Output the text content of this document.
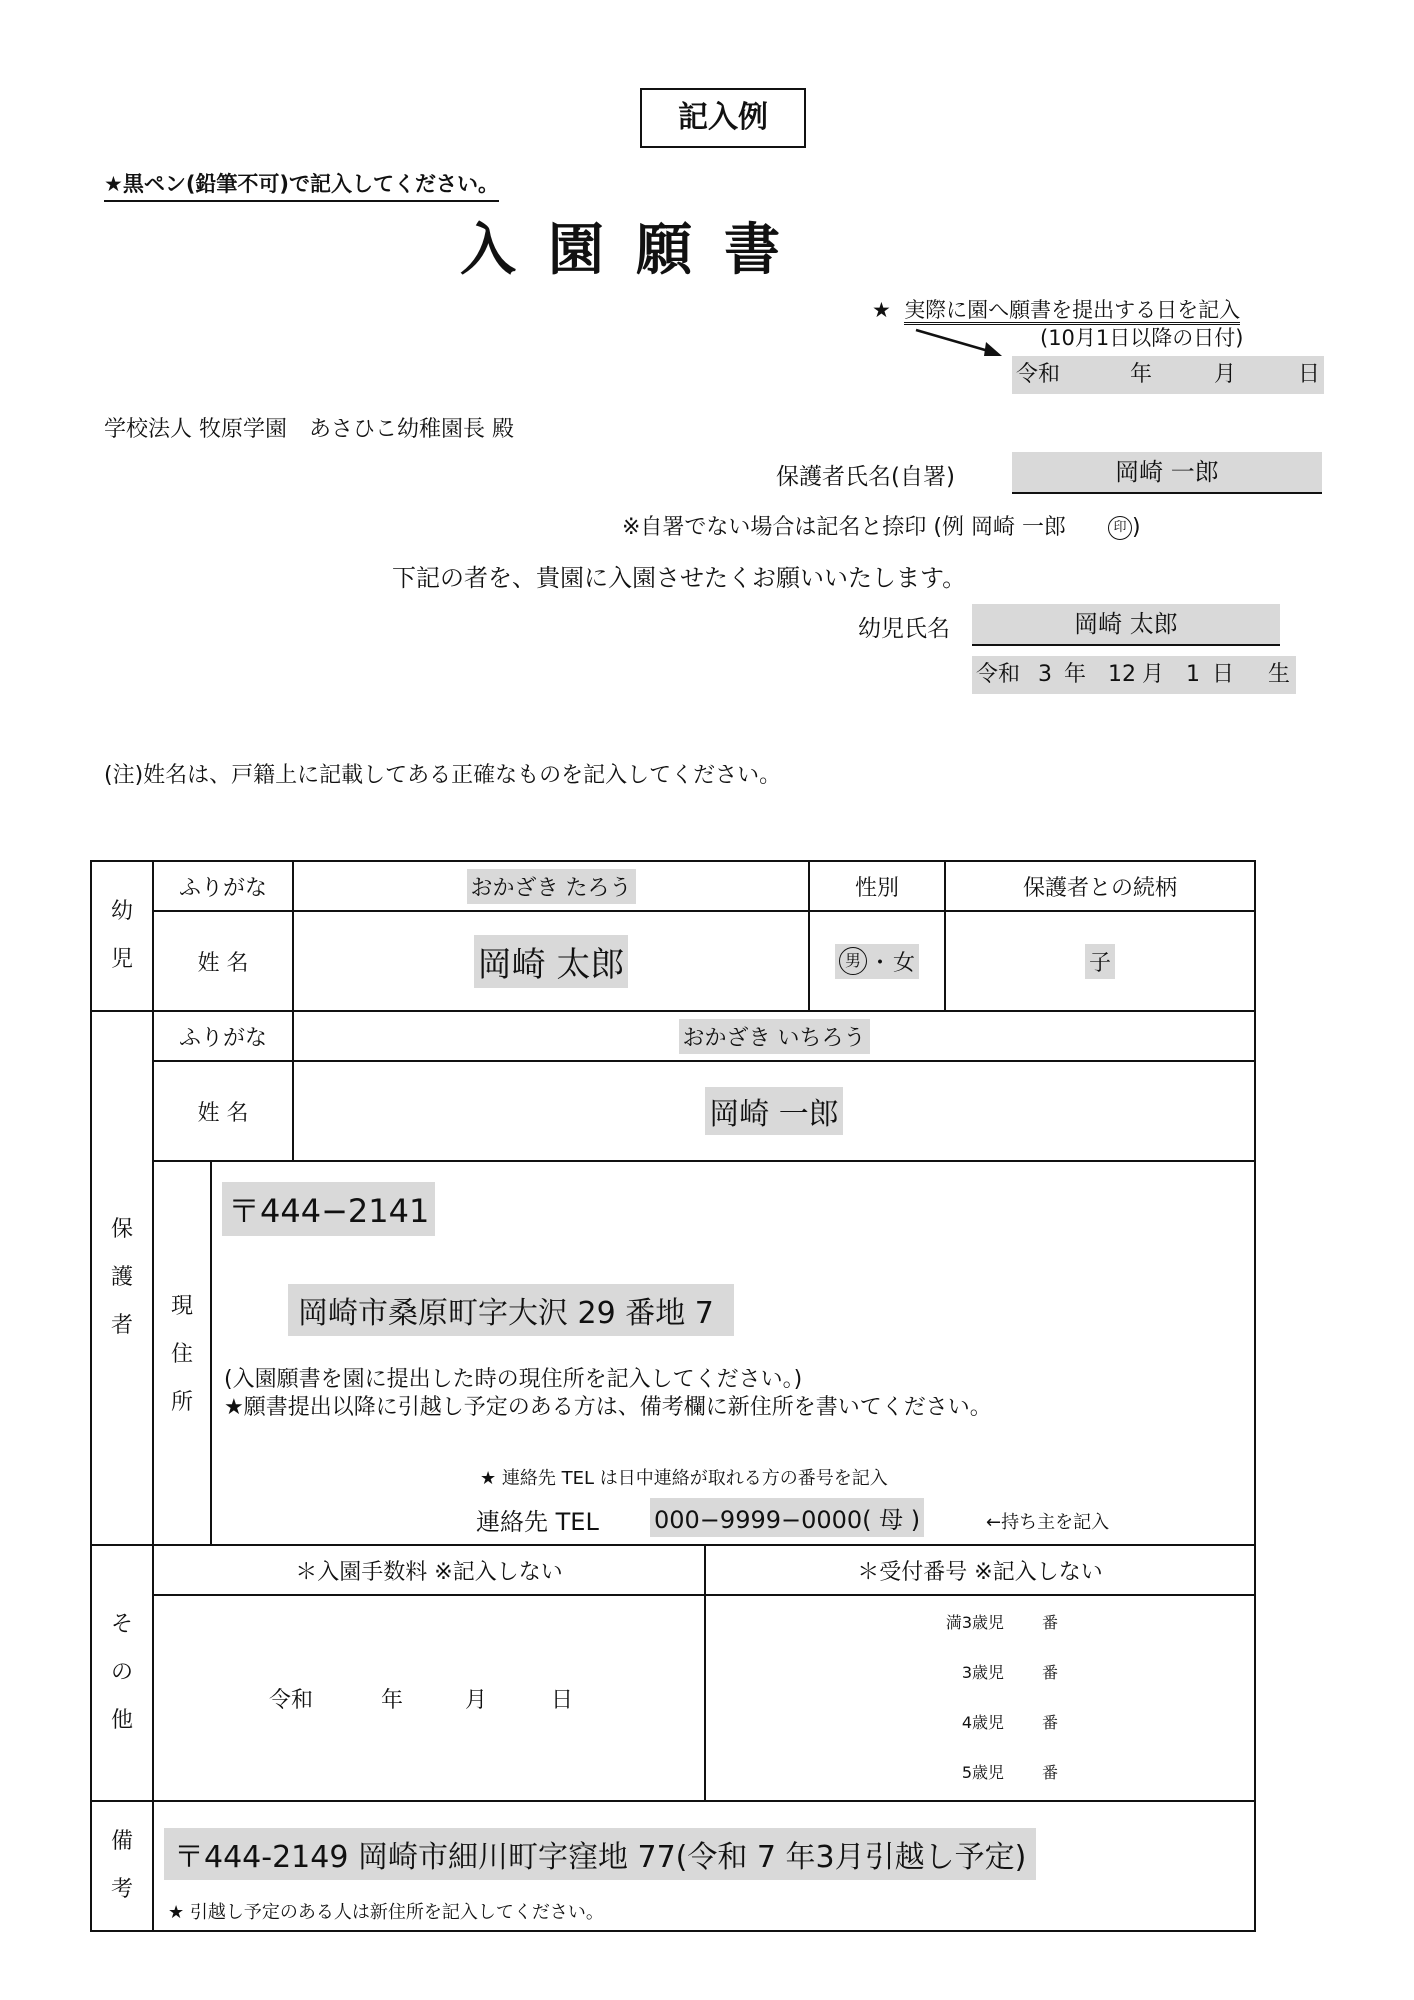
記入例
★黒ペン(鉛筆不可)で記入してください。
入園願書
★ 実際に園へ願書を提出する日を記入
(10月1日以降の日付)
令和	年	月	日
学校法人 牧原学園　あさひこ幼稚園長 殿
保護者氏名(自署)	岡崎 一郎
※自署でない場合は記名と捺印 (例 岡崎 一郎	印 )
下記の者を、貴園に入園させたくお願いいたします。
幼児氏名	岡崎 太郎
令和 3 年 12 月 1 日 生
(注)姓名は、戸籍上に記載してある正確なものを記入してください。
幼
児
ふりがな	おかざき たろう	性別	保護者との続柄
姓 名	岡崎 太郎	男 ・ 女	子
保
護
者
ふりがな	おかざき いちろう
姓 名	岡崎 一郎
現
住
所
〒444−2141
岡崎市桑原町字大沢 29 番地 7
(入園願書を園に提出した時の現住所を記入してください。)
★願書提出以降に引越し予定のある方は、備考欄に新住所を書いてください。
★ 連絡先 TEL は日中連絡が取れる方の番号を記入
連絡先 TEL 000−9999−0000( 母 )	←持ち主を記入
そ
の
他
＊入園手数料 ※記入しない	＊受付番号 ※記入しない
令和	年	月	日
満3歳児 番
3歳児 番
4歳児 番
5歳児 番
備
考
〒444-2149 岡崎市細川町字窪地 77(令和 7 年3月引越し予定)
★ 引越し予定のある人は新住所を記入してください。
